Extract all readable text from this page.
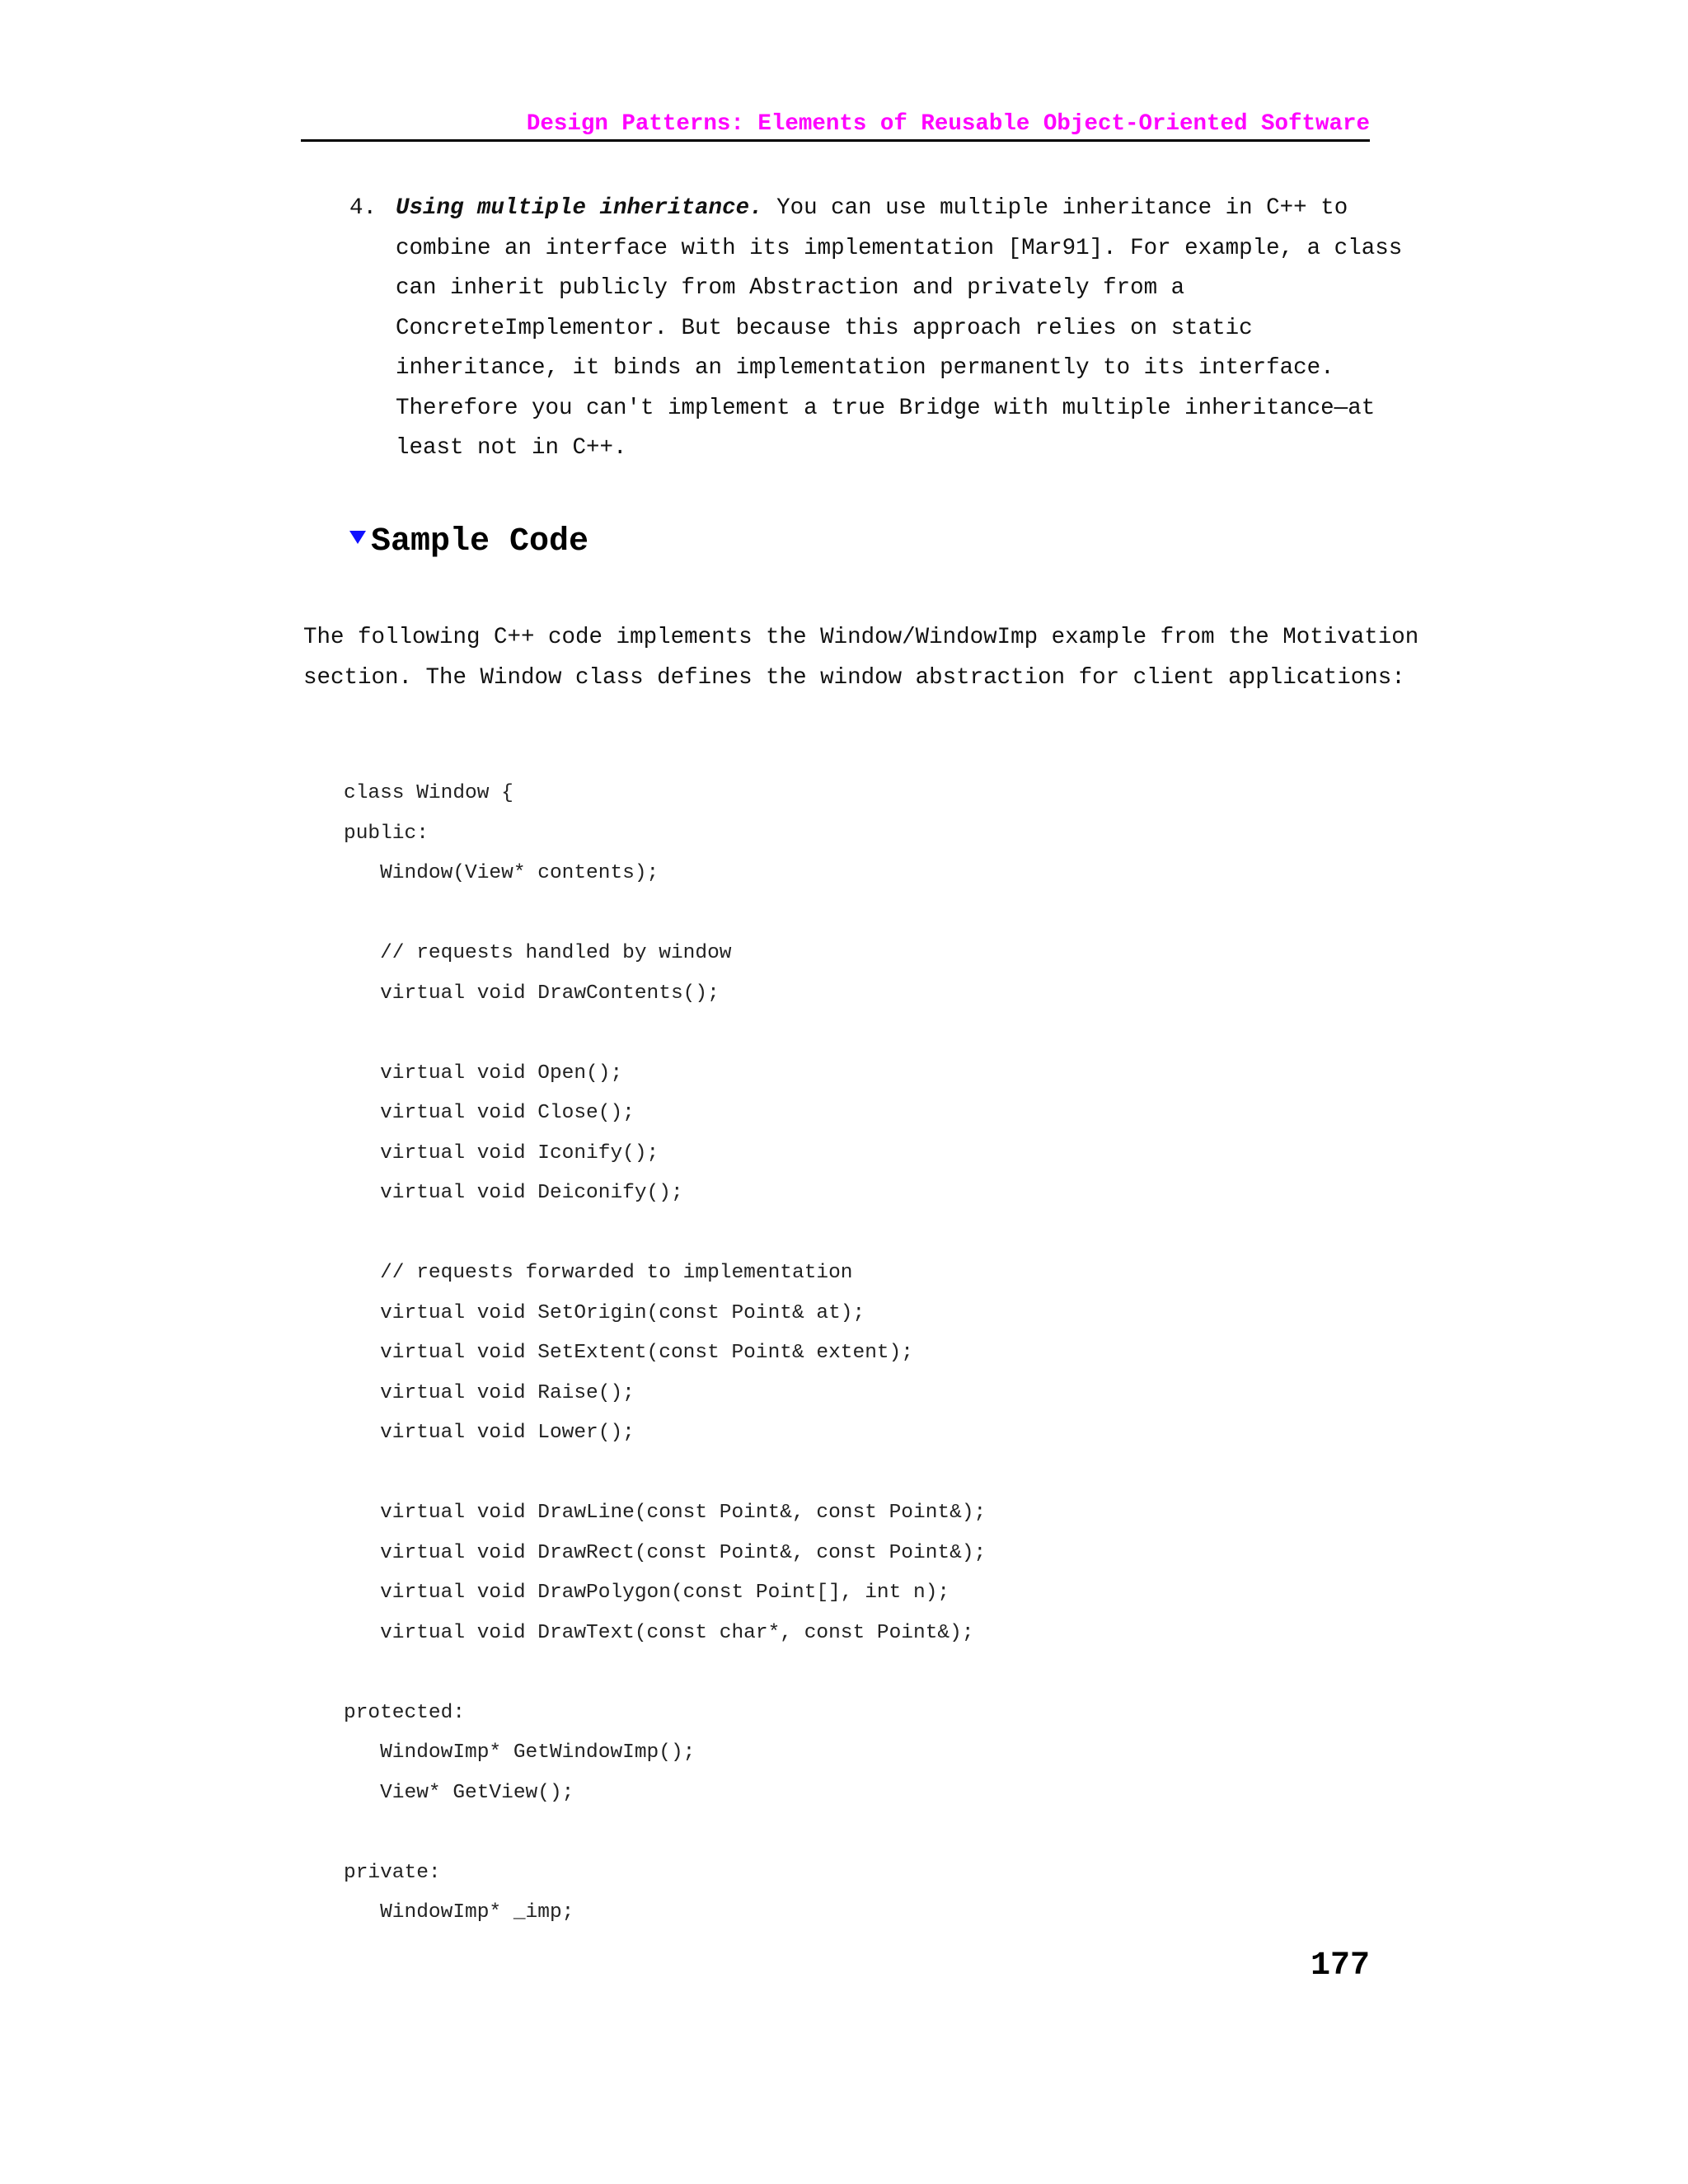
Design Patterns: Elements of Reusable Object-Oriented Software
4. Using multiple inheritance. You can use multiple inheritance in C++ to
combine an interface with its implementation [Mar91]. For example, a class
can inherit publicly from Abstraction and privately from a
ConcreteImplementor. But because this approach relies on static
inheritance, it binds an implementation permanently to its interface.
Therefore you can't implement a true Bridge with multiple inheritance—at
least not in C++.
Sample Code
The following C++ code implements the Window/WindowImp example from the Motivation
section. The Window class defines the window abstraction for client applications:
class Window {
public:
Window(View* contents);
// requests handled by window
virtual void DrawContents();
virtual void Open();
virtual void Close();
virtual void Iconify();
virtual void Deiconify();
// requests forwarded to implementation
virtual void SetOrigin(const Point& at);
virtual void SetExtent(const Point& extent);
virtual void Raise();
virtual void Lower();
virtual void DrawLine(const Point&, const Point&);
virtual void DrawRect(const Point&, const Point&);
virtual void DrawPolygon(const Point[], int n);
virtual void DrawText(const char*, const Point&);
protected:
WindowImp* GetWindowImp();
View* GetView();
private:
WindowImp* _imp;
177
